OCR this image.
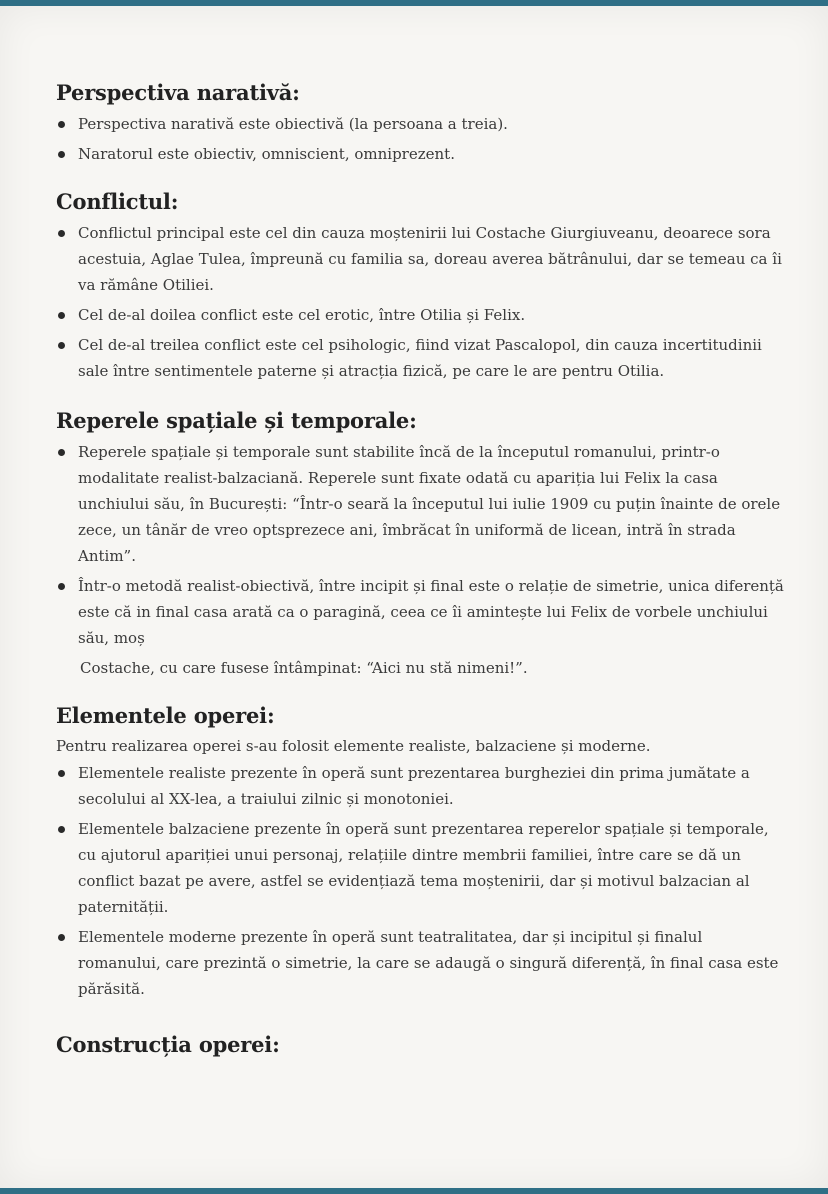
Perspectiva narativă:
Perspectiva narativă este obiectivă (la persoana a treia).
Naratorul este obiectiv, omniscient, omniprezent.
Conflictul:
Conflictul principal este cel din cauza moștenirii lui Costache Giurgiuveanu, deoarece sora acestuia, Aglae Tulea, împreună cu familia sa, doreau averea bătrânului, dar se temeau ca îi va rămâne Otiliei.
Cel de-al doilea conflict este cel erotic, între Otilia și Felix.
Cel de-al treilea conflict este cel psihologic, fiind vizat Pascalopol, din cauza incertitudinii sale între sentimentele paterne și atracția fizică, pe care le are pentru Otilia.
Reperele spațiale și temporale:
Reperele spațiale și temporale sunt stabilite încă de la începutul romanului, printr-o modalitate realist-balzaciană. Reperele sunt fixate odată cu apariția lui Felix la casa unchiului său, în București: “Într-o seară la începutul lui iulie 1909 cu puțin înainte de orele zece, un tânăr de vreo optsprezece ani, îmbrăcat în uniformă de licean, intră în strada Antim”.
Într-o metodă realist-obiectivă, între incipit și final este o relație de simetrie, unica diferență este că in final casa arată ca o paragină, ceea ce îi amintește lui Felix de vorbele unchiului său, moș
Costache, cu care fusese întâmpinat: “Aici nu stă nimeni!”.
Elementele operei:
Pentru realizarea operei s-au folosit elemente realiste, balzaciene și moderne.
Elementele realiste prezente în operă sunt prezentarea burgheziei din prima jumătate a secolului al XX-lea, a traiului zilnic și monotoniei.
Elementele balzaciene prezente în operă sunt prezentarea reperelor spațiale și temporale, cu ajutorul apariției unui personaj, relațiile dintre membrii familiei, între care se dă un conflict bazat pe avere, astfel se evidențiază tema moștenirii, dar și motivul balzacian al paternității.
Elementele moderne prezente în operă sunt teatralitatea, dar și incipitul și finalul romanului, care prezintă o simetrie, la care se adaugă o singură diferență, în final casa este părăsită.
Construcția operei:
